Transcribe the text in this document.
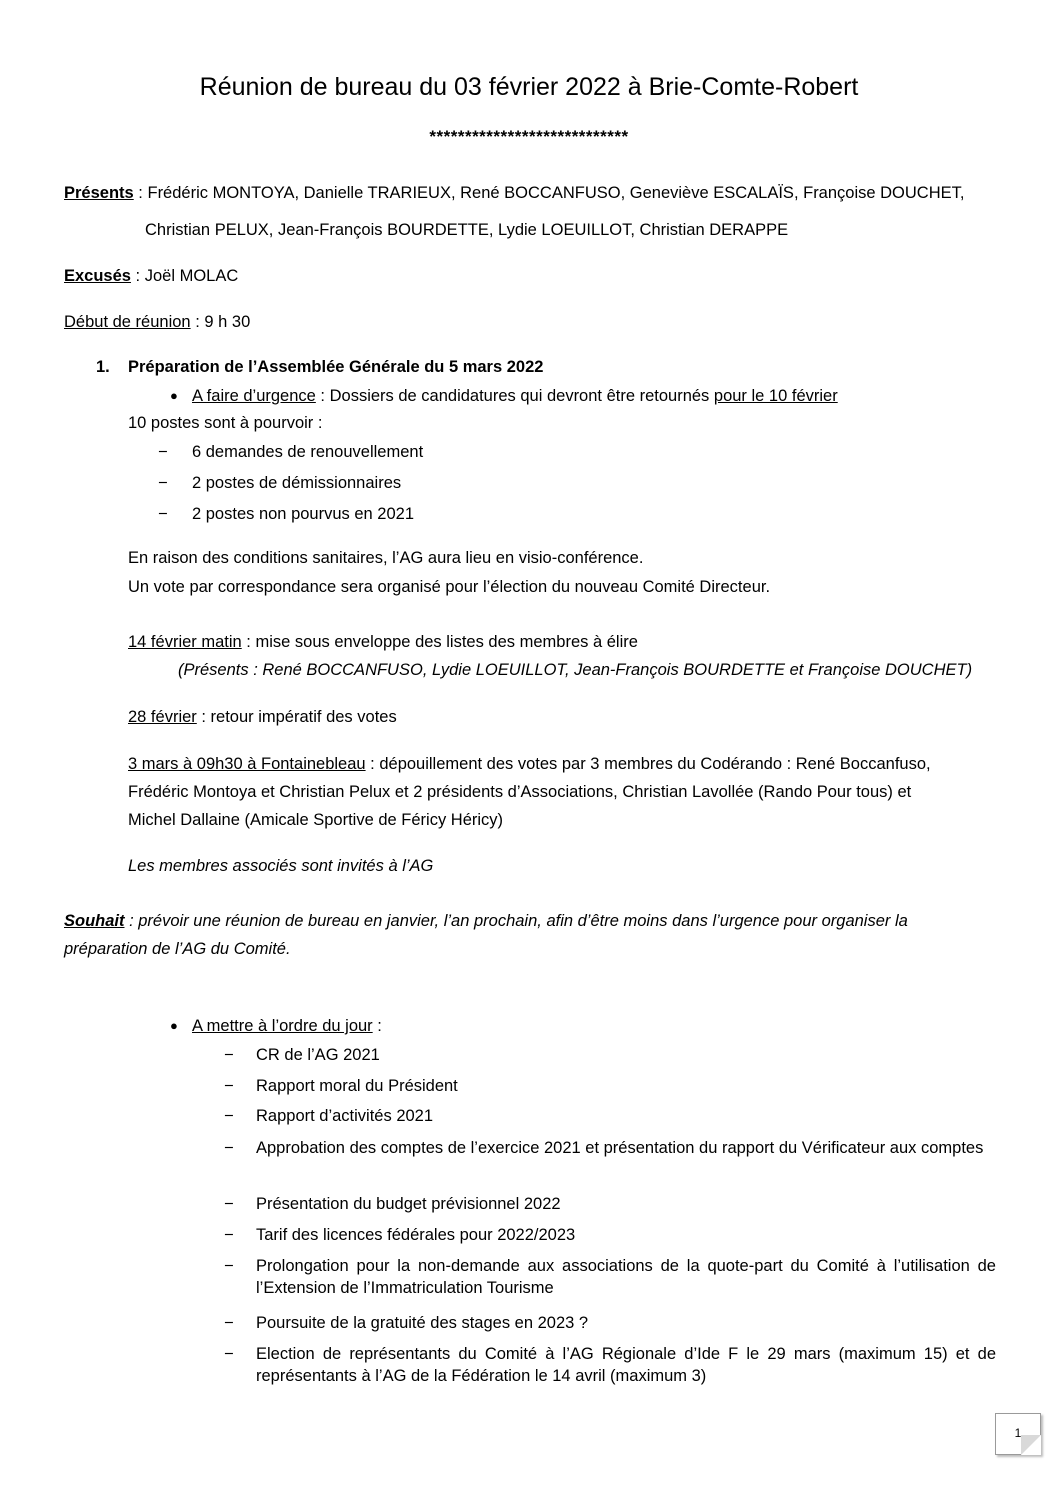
Réunion de bureau du 03 février 2022 à Brie-Comte-Robert
****************************
Présents : Frédéric MONTOYA, Danielle TRARIEUX, René BOCCANFUSO, Geneviève ESCALAÏS, Françoise DOUCHET,
Christian PELUX, Jean-François BOURDETTE, Lydie LOEUILLOT, Christian DERAPPE
Excusés : Joël MOLAC
Début de réunion : 9 h 30
1. Préparation de l’Assemblée Générale du 5 mars 2022
● A faire d’urgence : Dossiers de candidatures qui devront être retournés pour le 10 février
10 postes sont à pourvoir :
−	6 demandes de renouvellement
−	2 postes de démissionnaires
−	2 postes non pourvus en 2021
En raison des conditions sanitaires, l’AG aura lieu en visio-conférence.
Un vote par correspondance sera organisé pour l’élection du nouveau Comité Directeur.
14 février matin : mise sous enveloppe des listes des membres à élire
(Présents : René BOCCANFUSO, Lydie LOEUILLOT, Jean-François BOURDETTE et Françoise DOUCHET)
28 février : retour impératif des votes
3 mars à 09h30 à Fontainebleau : dépouillement des votes par 3 membres du Codérando : René Boccanfuso,
Frédéric Montoya et Christian Pelux et 2 présidents d’Associations, Christian Lavollée (Rando Pour tous) et
Michel Dallaine (Amicale Sportive de Féricy Héricy)
Les membres associés sont invités à l’AG
Souhait : prévoir une réunion de bureau en janvier, l’an prochain, afin d’être moins dans l’urgence pour organiser la
préparation de l’AG du Comité.
● A mettre à l’ordre du jour :
−	CR de l’AG 2021
−	Rapport moral du Président
−	Rapport d’activités 2021
−	Approbation des comptes de l’exercice 2021 et présentation du rapport du Vérificateur aux comptes
−	Présentation du budget prévisionnel 2022
−	Tarif des licences fédérales pour 2022/2023
−	Prolongation pour la non-demande aux associations de la quote-part du Comité à l’utilisation de l’Extension de l’Immatriculation Tourisme
−	Poursuite de la gratuité des stages en 2023 ?
−	Election de représentants du Comité à l’AG Régionale d’Ide F le 29 mars (maximum 15) et de représentants à l’AG de la Fédération le 14 avril (maximum 3)
1
